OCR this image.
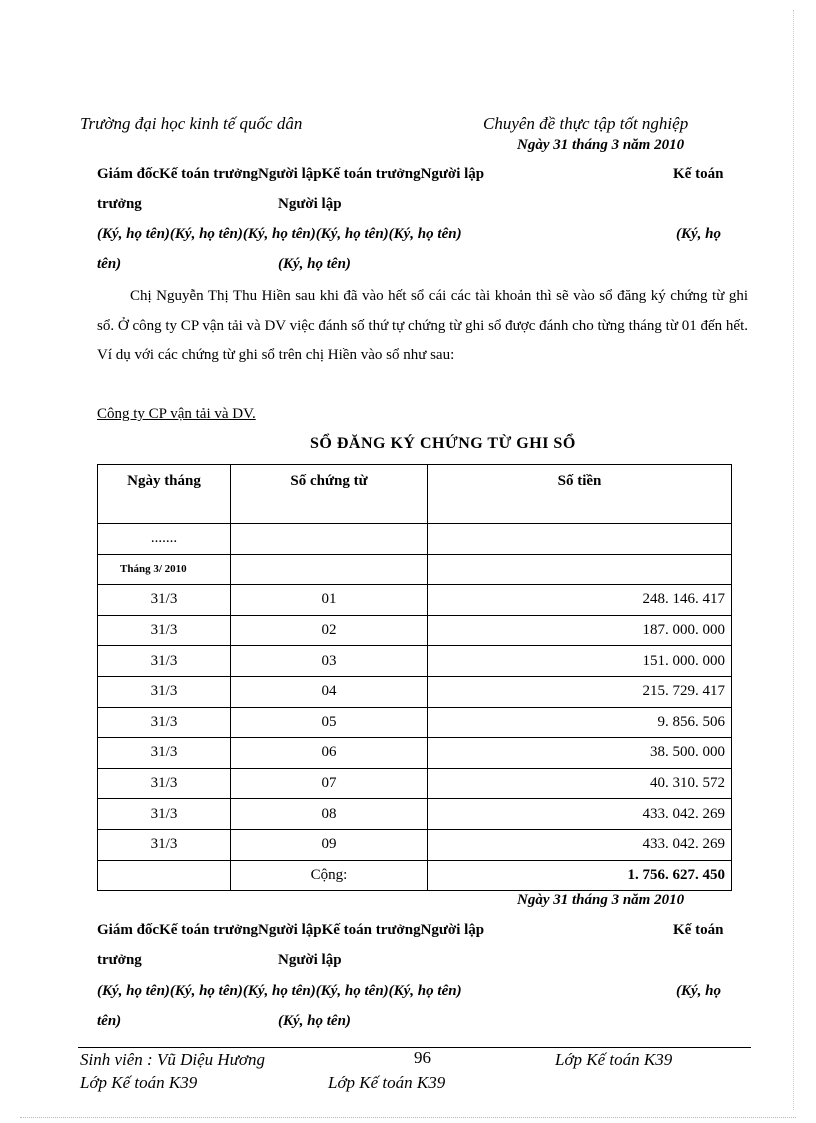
Trường đại học kinh tế quốc dân	Chuyên đề thực tập tốt nghiệp
Ngày 31 tháng 3 năm 2010
Giám đốcKế toán trưởngNgười lậpKế toán trưởngNgười lập	Kế toán
trưởng	Người lập
(Ký, họ tên)(Ký, họ tên)(Ký, họ tên)(Ký, họ tên)(Ký, họ tên)	(Ký, họ
tên)	(Ký, họ tên)

Chị Nguyễn Thị Thu Hiền sau khi đã vào hết sổ cái các tài khoản thì sẽ vào sổ đăng ký chứng từ ghi sổ. Ở công ty CP vận tải và DV việc đánh số thứ tự chứng từ ghi sổ được đánh cho từng tháng từ 01 đến hết. Ví dụ với các chứng từ ghi sổ trên chị Hiền vào sổ như sau:

Công ty CP vận tải và DV.
SỔ ĐĂNG KÝ CHỨNG TỪ GHI SỔ
Ngày tháng	Số chứng từ	Số tiền
.......		
Tháng 3/ 2010		
31/3	01	248. 146. 417
31/3	02	187. 000. 000
31/3	03	151. 000. 000
31/3	04	215. 729. 417
31/3	05	9. 856. 506
31/3	06	38. 500. 000
31/3	07	40. 310. 572
31/3	08	433. 042. 269
31/3	09	433. 042. 269
	Cộng:	1. 756. 627. 450
Ngày 31 tháng 3 năm 2010
Giám đốcKế toán trưởngNgười lậpKế toán trưởngNgười lập	Kế toán
trưởng	Người lập
(Ký, họ tên)(Ký, họ tên)(Ký, họ tên)(Ký, họ tên)(Ký, họ tên)	(Ký, họ
tên)	(Ký, họ tên)
Sinh viên : Vũ Diệu Hương	96	Lớp Kế toán K39
Lớp Kế toán K39	Lớp Kế toán K39
